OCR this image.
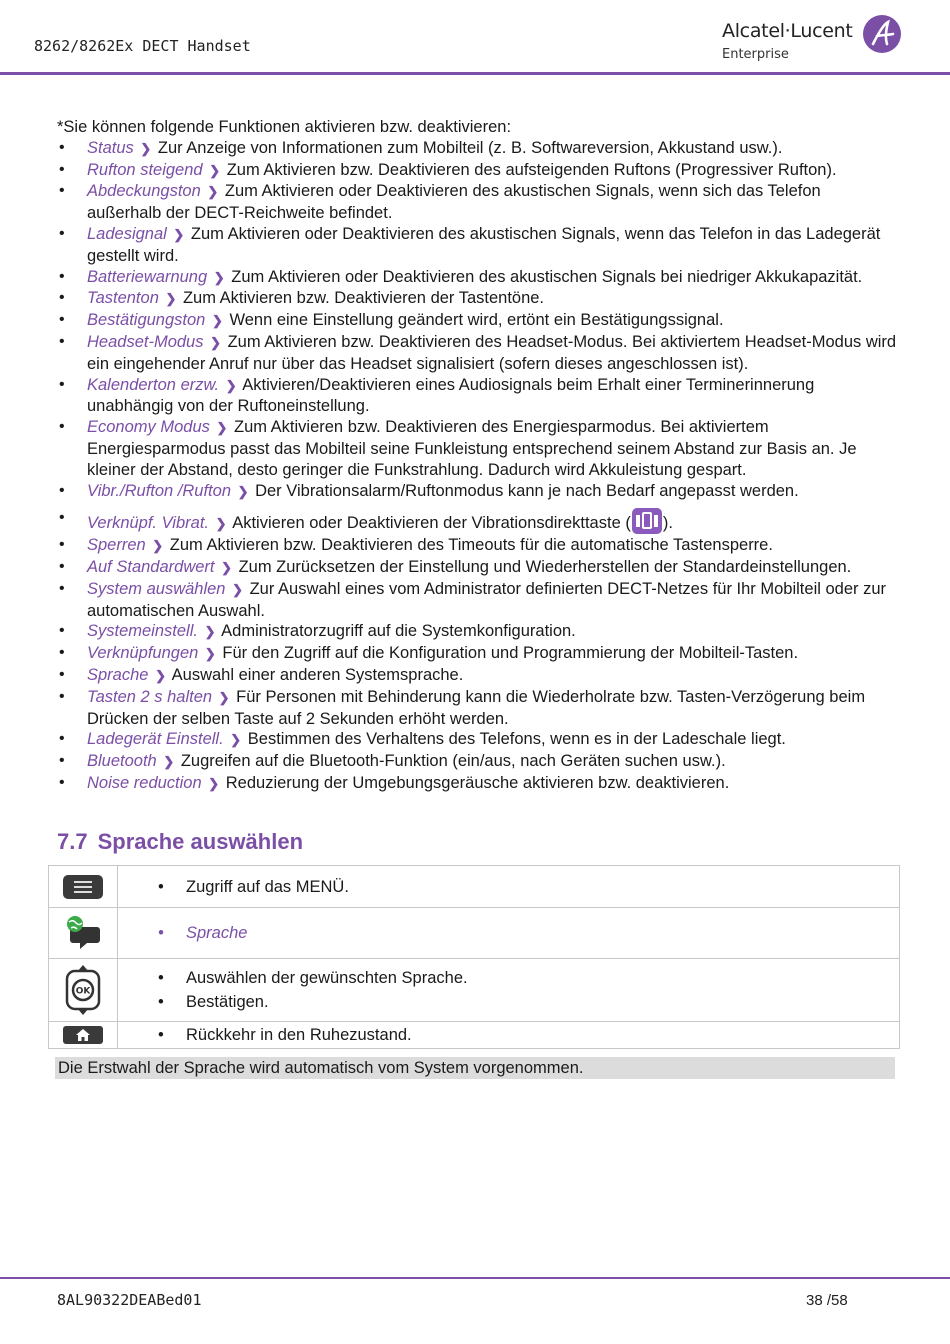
8262/8262Ex DECT Handset
Alcatel·Lucent
Enterprise

*Sie können folgende Funktionen aktivieren bzw. deaktivieren:

• Status ❯ Zur Anzeige von Informationen zum Mobilteil (z. B. Softwareversion, Akkustand usw.).
• Rufton steigend ❯ Zum Aktivieren bzw. Deaktivieren des aufsteigenden Ruftons (Progressiver Rufton).
• Abdeckungston ❯ Zum Aktivieren oder Deaktivieren des akustischen Signals, wenn sich das Telefon außerhalb der DECT-Reichweite befindet.
• Ladesignal ❯ Zum Aktivieren oder Deaktivieren des akustischen Signals, wenn das Telefon in das Ladegerät gestellt wird.
• Batteriewarnung ❯ Zum Aktivieren oder Deaktivieren des akustischen Signals bei niedriger Akkukapazität.
• Tastenton ❯ Zum Aktivieren bzw. Deaktivieren der Tastentöne.
• Bestätigungston ❯ Wenn eine Einstellung geändert wird, ertönt ein Bestätigungssignal.
• Headset-Modus ❯ Zum Aktivieren bzw. Deaktivieren des Headset-Modus. Bei aktiviertem Headset-Modus wird ein eingehender Anruf nur über das Headset signalisiert (sofern dieses angeschlossen ist).
• Kalenderton erzw. ❯ Aktivieren/Deaktivieren eines Audiosignals beim Erhalt einer Terminerinnerung unabhängig von der Ruftoneinstellung.
• Economy Modus ❯ Zum Aktivieren bzw. Deaktivieren des Energiesparmodus. Bei aktiviertem Energiesparmodus passt das Mobilteil seine Funkleistung entsprechend seinem Abstand zur Basis an. Je kleiner der Abstand, desto geringer die Funkstrahlung. Dadurch wird Akkuleistung gespart.
• Vibr./Rufton /Rufton ❯ Der Vibrationsalarm/Ruftonmodus kann je nach Bedarf angepasst werden.
• Verknüpf. Vibrat. ❯ Aktivieren oder Deaktivieren der Vibrationsdirekttaste ( ).
• Sperren ❯ Zum Aktivieren bzw. Deaktivieren des Timeouts für die automatische Tastensperre.
• Auf Standardwert ❯ Zum Zurücksetzen der Einstellung und Wiederherstellen der Standardeinstellungen.
• System auswählen ❯ Zur Auswahl eines vom Administrator definierten DECT-Netzes für Ihr Mobilteil oder zur automatischen Auswahl.
• Systemeinstell. ❯ Administratorzugriff auf die Systemkonfiguration.
• Verknüpfungen ❯ Für den Zugriff auf die Konfiguration und Programmierung der Mobilteil-Tasten.
• Sprache ❯ Auswahl einer anderen Systemsprache.
• Tasten 2 s halten ❯ Für Personen mit Behinderung kann die Wiederholrate bzw. Tasten-Verzögerung beim Drücken der selben Taste auf 2 Sekunden erhöht werden.
• Ladegerät Einstell. ❯ Bestimmen des Verhaltens des Telefons, wenn es in der Ladeschale liegt.
• Bluetooth ❯ Zugreifen auf die Bluetooth-Funktion (ein/aus, nach Geräten suchen usw.).
• Noise reduction ❯ Reduzierung der Umgebungsgeräusche aktivieren bzw. deaktivieren.
7.7 Sprache auswählen

	• Zugriff auf das MENÜ.

• Sprache

OK	• Auswählen der gewünschten Sprache.
• Bestätigen.

• Rückkehr in den Ruhezustand.
Die Erstwahl der Sprache wird automatisch vom System vorgenommen.
8AL90322DEABed01	38 /58
